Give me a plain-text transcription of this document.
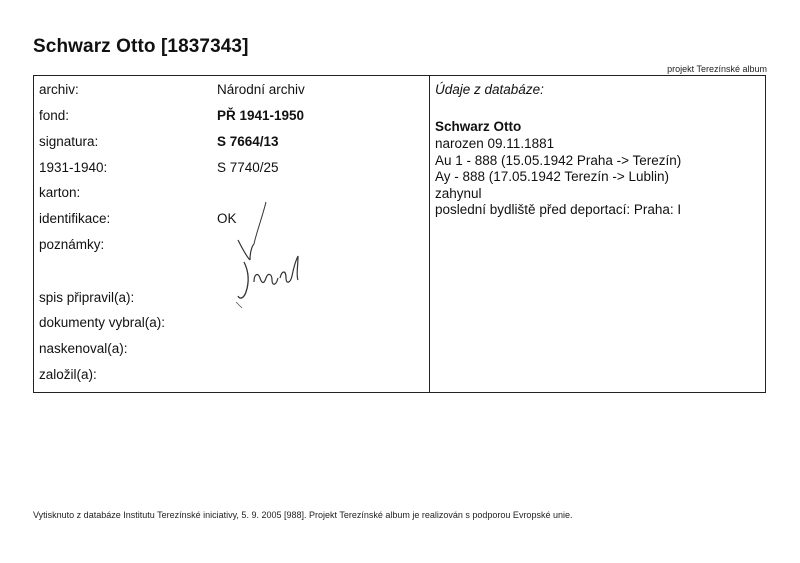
Schwarz Otto [1837343]
projekt Terezínské album
archiv:	Národní archiv
fond:	PŘ 1941-1950
signatura:	S 7664/13
1931-1940:	S 7740/25
karton:
identifikace:	OK
poznámky:
spis připravil(a):
dokumenty vybral(a):
naskenoval(a):
založil(a):
Údaje z databáze:
Schwarz Otto
narozen 09.11.1881
Au 1 - 888 (15.05.1942 Praha -> Terezín)
Ay - 888 (17.05.1942 Terezín -> Lublin)
zahynul
poslední bydliště před deportací: Praha: I
Vytisknuto z databáze Institutu Terezínské iniciativy, 5. 9. 2005 [988]. Projekt Terezínské album je realizován s podporou Evropské unie.
